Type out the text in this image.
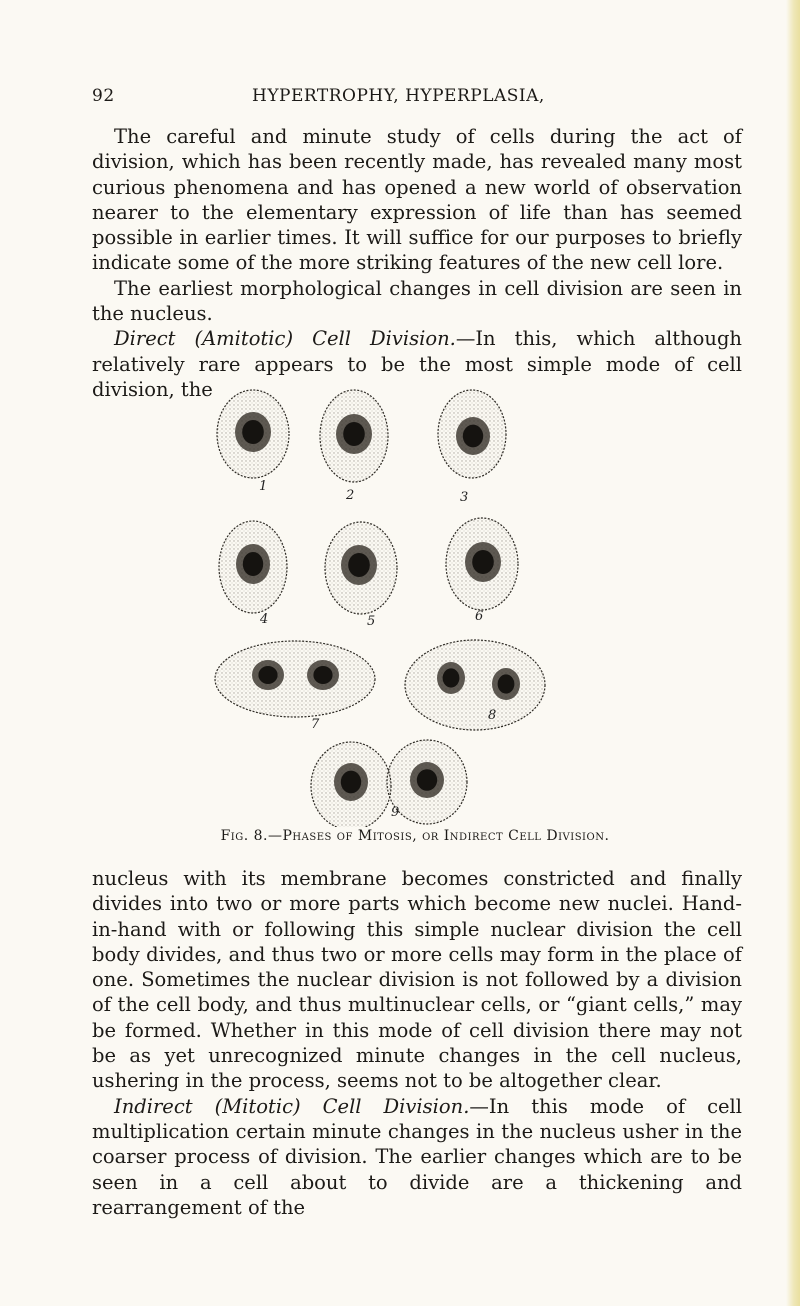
92	HYPERTROPHY, HYPERPLASIA,

The careful and minute study of cells during the act of division, which has been recently made, has revealed many most curious phenomena and has opened a new world of observation nearer to the elementary expression of life than has seemed possible in earlier times. It will suffice for our purposes to briefly indicate some of the more striking features of the new cell lore.

The earliest morphological changes in cell division are seen in the nucleus.

Direct (Amitotic) Cell Division.—In this, which although relatively rare appears to be the most simple mode of cell division, the

1
2	3
4	5	6
7
8
9
Fig. 8.—Phases of Mitosis, or Indirect Cell Division.

nucleus with its membrane becomes constricted and finally divides into two or more parts which become new nuclei. Hand-in-hand with or following this simple nuclear division the cell body divides, and thus two or more cells may form in the place of one. Sometimes the nuclear division is not followed by a division of the cell body, and thus multinuclear cells, or “giant cells,” may be formed. Whether in this mode of cell division there may not be as yet unrecognized minute changes in the cell nucleus, ushering in the process, seems not to be altogether clear.

Indirect (Mitotic) Cell Division.—In this mode of cell multiplication certain minute changes in the nucleus usher in the coarser process of division. The earlier changes which are to be seen in a cell about to divide are a thickening and rearrangement of the
